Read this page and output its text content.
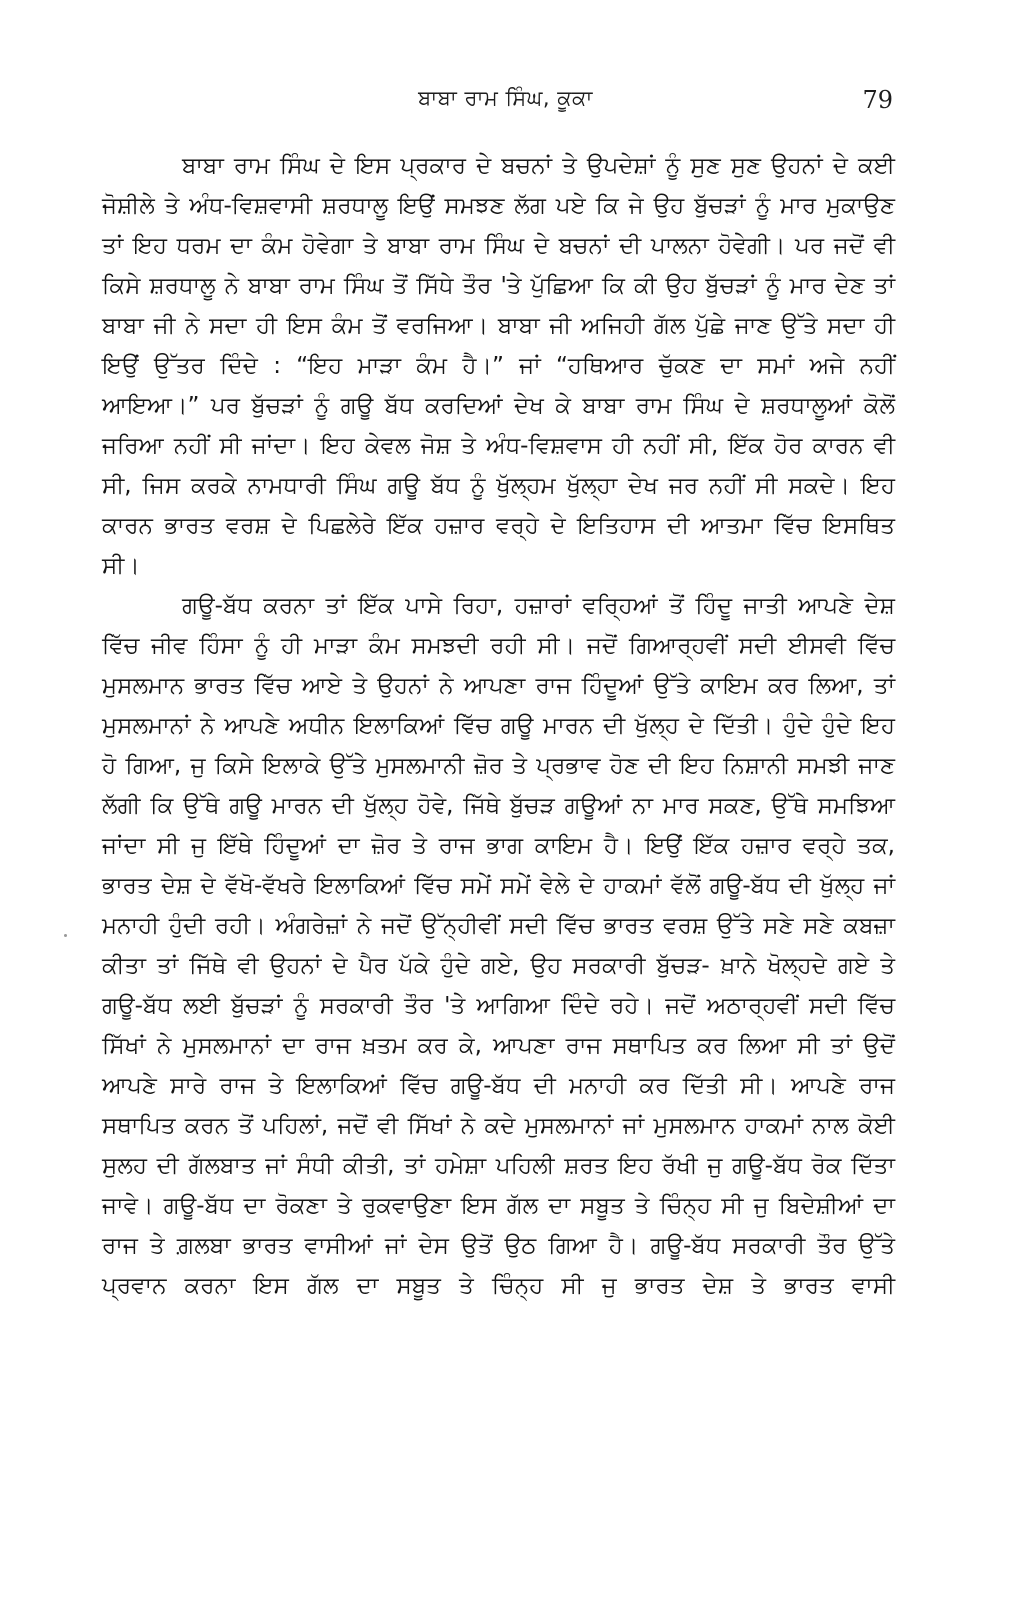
ਬਾਬਾ ਰਾਮ ਸਿੰਘ, ਕੂਕਾ	79

ਬਾਬਾ ਰਾਮ ਸਿੰਘ ਦੇ ਇਸ ਪ੍ਰਕਾਰ ਦੇ ਬਚਨਾਂ ਤੇ ਉਪਦੇਸ਼ਾਂ ਨੂੰ ਸੁਣ ਸੁਣ ਉਹਨਾਂ ਦੇ ਕਈ ਜੋਸ਼ੀਲੇ ਤੇ ਅੰਧ-ਵਿਸ਼ਵਾਸੀ ਸ਼ਰਧਾਲੂ ਇਉਂ ਸਮਝਣ ਲੱਗ ਪਏ ਕਿ ਜੇ ਉਹ ਬੁੱਚੜਾਂ ਨੂੰ ਮਾਰ ਮੁਕਾਉਣ ਤਾਂ ਇਹ ਧਰਮ ਦਾ ਕੰਮ ਹੋਵੇਗਾ ਤੇ ਬਾਬਾ ਰਾਮ ਸਿੰਘ ਦੇ ਬਚਨਾਂ ਦੀ ਪਾਲਨਾ ਹੋਵੇਗੀ। ਪਰ ਜਦੋਂ ਵੀ ਕਿਸੇ ਸ਼ਰਧਾਲੂ ਨੇ ਬਾਬਾ ਰਾਮ ਸਿੰਘ ਤੋਂ ਸਿੱਧੇ ਤੌਰ 'ਤੇ ਪੁੱਛਿਆ ਕਿ ਕੀ ਉਹ ਬੁੱਚੜਾਂ ਨੂੰ ਮਾਰ ਦੇਣ ਤਾਂ ਬਾਬਾ ਜੀ ਨੇ ਸਦਾ ਹੀ ਇਸ ਕੰਮ ਤੋਂ ਵਰਜਿਆ। ਬਾਬਾ ਜੀ ਅਜਿਹੀ ਗੱਲ ਪੁੱਛੇ ਜਾਣ ਉੱਤੇ ਸਦਾ ਹੀ ਇਉਂ ਉੱਤਰ ਦਿੰਦੇ : “ਇਹ ਮਾੜਾ ਕੰਮ ਹੈ।” ਜਾਂ “ਹਥਿਆਰ ਚੁੱਕਣ ਦਾ ਸਮਾਂ ਅਜੇ ਨਹੀਂ ਆਇਆ।” ਪਰ ਬੁੱਚੜਾਂ ਨੂੰ ਗਊ ਬੱਧ ਕਰਦਿਆਂ ਦੇਖ ਕੇ ਬਾਬਾ ਰਾਮ ਸਿੰਘ ਦੇ ਸ਼ਰਧਾਲੂਆਂ ਕੋਲੋਂ ਜਰਿਆ ਨਹੀਂ ਸੀ ਜਾਂਦਾ। ਇਹ ਕੇਵਲ ਜੋਸ਼ ਤੇ ਅੰਧ-ਵਿਸ਼ਵਾਸ ਹੀ ਨਹੀਂ ਸੀ, ਇੱਕ ਹੋਰ ਕਾਰਨ ਵੀ ਸੀ, ਜਿਸ ਕਰਕੇ ਨਾਮਧਾਰੀ ਸਿੰਘ ਗਊ ਬੱਧ ਨੂੰ ਖੁੱਲ੍ਹਮ ਖੁੱਲ੍ਹਾ ਦੇਖ ਜਰ ਨਹੀਂ ਸੀ ਸਕਦੇ। ਇਹ ਕਾਰਨ ਭਾਰਤ ਵਰਸ਼ ਦੇ ਪਿਛਲੇਰੇ ਇੱਕ ਹਜ਼ਾਰ ਵਰ੍ਹੇ ਦੇ ਇਤਿਹਾਸ ਦੀ ਆਤਮਾ ਵਿੱਚ ਇਸਥਿਤ ਸੀ।

ਗਊ-ਬੱਧ ਕਰਨਾ ਤਾਂ ਇੱਕ ਪਾਸੇ ਰਿਹਾ, ਹਜ਼ਾਰਾਂ ਵਰ੍ਹਿਆਂ ਤੋਂ ਹਿੰਦੂ ਜਾਤੀ ਆਪਣੇ ਦੇਸ਼ ਵਿੱਚ ਜੀਵ ਹਿੰਸਾ ਨੂੰ ਹੀ ਮਾੜਾ ਕੰਮ ਸਮਝਦੀ ਰਹੀ ਸੀ। ਜਦੋਂ ਗਿਆਰ੍ਹਵੀਂ ਸਦੀ ਈਸਵੀ ਵਿੱਚ ਮੁਸਲਮਾਨ ਭਾਰਤ ਵਿੱਚ ਆਏ ਤੇ ਉਹਨਾਂ ਨੇ ਆਪਣਾ ਰਾਜ ਹਿੰਦੂਆਂ ਉੱਤੇ ਕਾਇਮ ਕਰ ਲਿਆ, ਤਾਂ ਮੁਸਲਮਾਨਾਂ ਨੇ ਆਪਣੇ ਅਧੀਨ ਇਲਾਕਿਆਂ ਵਿੱਚ ਗਊ ਮਾਰਨ ਦੀ ਖੁੱਲ੍ਹ ਦੇ ਦਿੱਤੀ। ਹੁੰਦੇ ਹੁੰਦੇ ਇਹ ਹੋ ਗਿਆ, ਜੁ ਕਿਸੇ ਇਲਾਕੇ ਉੱਤੇ ਮੁਸਲਮਾਨੀ ਜ਼ੋਰ ਤੇ ਪ੍ਰਭਾਵ ਹੋਣ ਦੀ ਇਹ ਨਿਸ਼ਾਨੀ ਸਮਝੀ ਜਾਣ ਲੱਗੀ ਕਿ ਉੱਥੇ ਗਊ ਮਾਰਨ ਦੀ ਖੁੱਲ੍ਹ ਹੋਵੇ, ਜਿੱਥੇ ਬੁੱਚੜ ਗਊਆਂ ਨਾ ਮਾਰ ਸਕਣ, ਉੱਥੇ ਸਮਝਿਆ ਜਾਂਦਾ ਸੀ ਜੁ ਇੱਥੇ ਹਿੰਦੂਆਂ ਦਾ ਜ਼ੋਰ ਤੇ ਰਾਜ ਭਾਗ ਕਾਇਮ ਹੈ। ਇਉਂ ਇੱਕ ਹਜ਼ਾਰ ਵਰ੍ਹੇ ਤਕ, ਭਾਰਤ ਦੇਸ਼ ਦੇ ਵੱਖੋ-ਵੱਖਰੇ ਇਲਾਕਿਆਂ ਵਿੱਚ ਸਮੇਂ ਸਮੇਂ ਵੇਲੇ ਦੇ ਹਾਕਮਾਂ ਵੱਲੋਂ ਗਊ-ਬੱਧ ਦੀ ਖੁੱਲ੍ਹ ਜਾਂ ਮਨਾਹੀ ਹੁੰਦੀ ਰਹੀ। ਅੰਗਰੇਜ਼ਾਂ ਨੇ ਜਦੋਂ ਉੱਨ੍ਹੀਵੀਂ ਸਦੀ ਵਿੱਚ ਭਾਰਤ ਵਰਸ਼ ਉੱਤੇ ਸਣੇ ਸਣੇ ਕਬਜ਼ਾ ਕੀਤਾ ਤਾਂ ਜਿੱਥੇ ਵੀ ਉਹਨਾਂ ਦੇ ਪੈਰ ਪੱਕੇ ਹੁੰਦੇ ਗਏ, ਉਹ ਸਰਕਾਰੀ ਬੁੱਚੜ- ਖ਼ਾਨੇ ਖੋਲ੍ਹਦੇ ਗਏ ਤੇ ਗਊ-ਬੱਧ ਲਈ ਬੁੱਚੜਾਂ ਨੂੰ ਸਰਕਾਰੀ ਤੌਰ 'ਤੇ ਆਗਿਆ ਦਿੰਦੇ ਰਹੇ। ਜਦੋਂ ਅਠਾਰ੍ਹਵੀਂ ਸਦੀ ਵਿੱਚ ਸਿੱਖਾਂ ਨੇ ਮੁਸਲਮਾਨਾਂ ਦਾ ਰਾਜ ਖ਼ਤਮ ਕਰ ਕੇ, ਆਪਣਾ ਰਾਜ ਸਥਾਪਿਤ ਕਰ ਲਿਆ ਸੀ ਤਾਂ ਉਦੋਂ ਆਪਣੇ ਸਾਰੇ ਰਾਜ ਤੇ ਇਲਾਕਿਆਂ ਵਿੱਚ ਗਊ-ਬੱਧ ਦੀ ਮਨਾਹੀ ਕਰ ਦਿੱਤੀ ਸੀ। ਆਪਣੇ ਰਾਜ ਸਥਾਪਿਤ ਕਰਨ ਤੋਂ ਪਹਿਲਾਂ, ਜਦੋਂ ਵੀ ਸਿੱਖਾਂ ਨੇ ਕਦੇ ਮੁਸਲਮਾਨਾਂ ਜਾਂ ਮੁਸਲਮਾਨ ਹਾਕਮਾਂ ਨਾਲ ਕੋਈ ਸੁਲਹ ਦੀ ਗੱਲਬਾਤ ਜਾਂ ਸੰਧੀ ਕੀਤੀ, ਤਾਂ ਹਮੇਸ਼ਾ ਪਹਿਲੀ ਸ਼ਰਤ ਇਹ ਰੱਖੀ ਜੁ ਗਊ-ਬੱਧ ਰੋਕ ਦਿੱਤਾ ਜਾਵੇ। ਗਊ-ਬੱਧ ਦਾ ਰੋਕਣਾ ਤੇ ਰੁਕਵਾਉਣਾ ਇਸ ਗੱਲ ਦਾ ਸਬੂਤ ਤੇ ਚਿੰਨ੍ਹ ਸੀ ਜੁ ਬਿਦੇਸ਼ੀਆਂ ਦਾ ਰਾਜ ਤੇ ਗ਼ਲਬਾ ਭਾਰਤ ਵਾਸੀਆਂ ਜਾਂ ਦੇਸ ਉਤੋਂ ਉਠ ਗਿਆ ਹੈ। ਗਊ-ਬੱਧ ਸਰਕਾਰੀ ਤੌਰ ਉੱਤੇ ਪ੍ਰਵਾਨ ਕਰਨਾ ਇਸ ਗੱਲ ਦਾ ਸਬੂਤ ਤੇ ਚਿੰਨ੍ਹ ਸੀ ਜੁ ਭਾਰਤ ਦੇਸ਼ ਤੇ ਭਾਰਤ ਵਾਸੀ
